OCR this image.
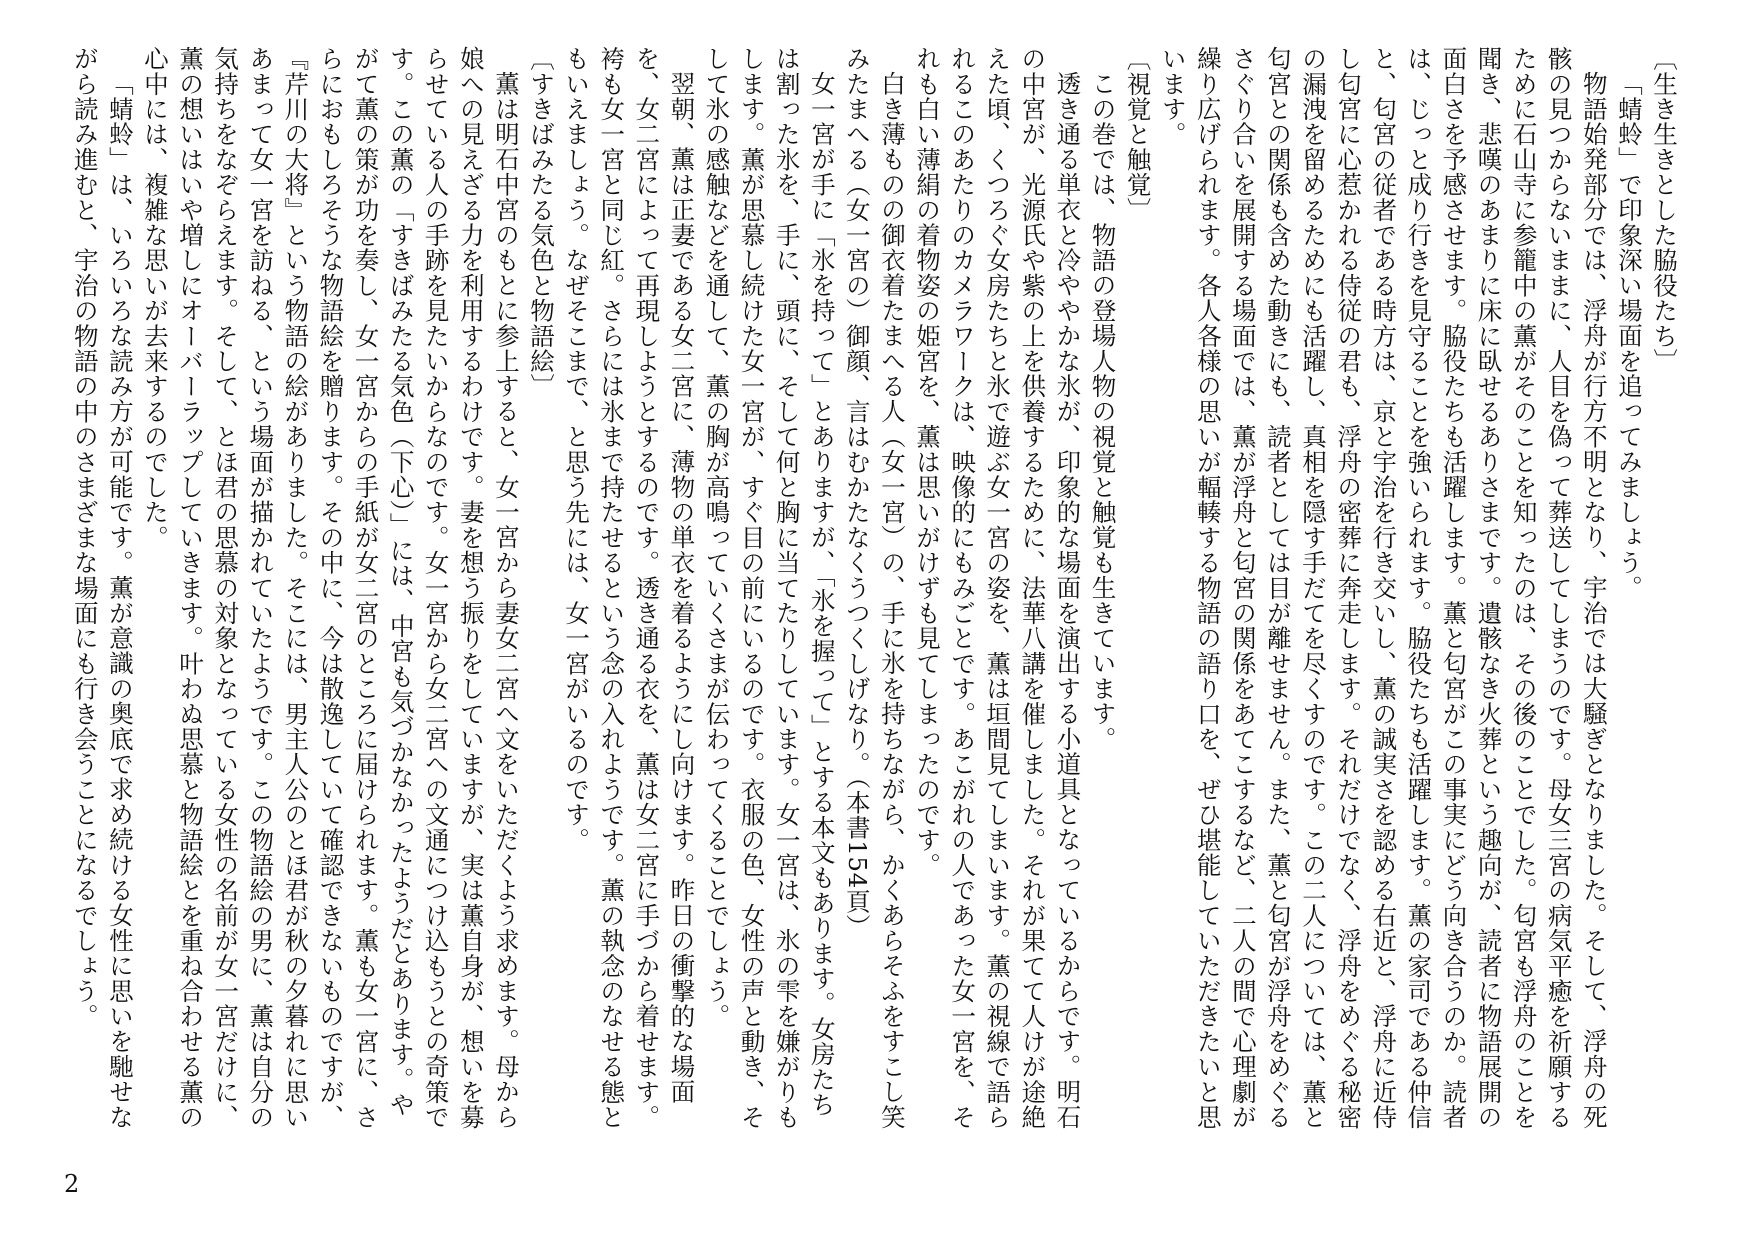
〔生き生きとした脇役たち〕
「蜻蛉」で印象深い場面を追ってみましょう。
物語始発部分では、浮舟が行方不明となり、宇治では大騒ぎとなりました。そして、浮舟の死骸の見つからないままに、人目を偽って葬送してしまうのです。母女三宮の病気平癒を祈願するために石山寺に参籠中の薫がそのことを知ったのは、その後のことでした。匂宮も浮舟のことを聞き、悲嘆のあまりに床に臥せるありさまです。遺骸なき火葬という趣向が、読者に物語展開の面白さを予感させます。脇役たちも活躍します。薫と匂宮がこの事実にどう向き合うのか。読者は、じっと成り行きを見守ることを強いられます。脇役たちも活躍します。薫の家司である仲信と、匂宮の従者である時方は、京と宇治を行き交いし、薫の誠実さを認める右近と、浮舟に近侍し匂宮に心惹かれる侍従の君も、浮舟の密葬に奔走します。それだけでなく、浮舟をめぐる秘密の漏洩を留めるためにも活躍し、真相を隠す手だてを尽くすのです。この二人については、薫と匂宮との関係も含めた動きにも、読者としては目が離せません。また、薫と匂宮が浮舟をめぐるさぐり合いを展開する場面では、薫が浮舟と匂宮の関係をあてこするなど、二人の間で心理劇が繰り広げられます。各人各様の思いが輻輳する物語の語り口を、ぜひ堪能していただきたいと思います。
〔視覚と触覚〕
この巻では、物語の登場人物の視覚と触覚も生きています。
透き通る単衣と冷ややかな氷が、印象的な場面を演出する小道具となっているからです。明石の中宮が、光源氏や紫の上を供養するために、法華八講を催しました。それが果てて人けが途絶えた頃、くつろぐ女房たちと氷で遊ぶ女一宮の姿を、薫は垣間見てしまいます。薫の視線で語られるこのあたりのカメラワークは、映像的にもみごとです。あこがれの人であった女一宮を、それも白い薄絹の着物姿の姫宮を、薫は思いがけずも見てしまったのです。
白き薄ものの御衣着たまへる人（女一宮）の、手に氷を持ちながら、かくあらそふをすこし笑みたまへる（女一宮の）御顔、言はむかたなくうつくしげなり。（本書154頁）
女一宮が手に「氷を持って」とありますが、「氷を握って」とする本文もあります。女房たちは割った氷を、手に、頭に、そして何と胸に当てたりしています。女一宮は、氷の雫を嫌がりもします。薫が思慕し続けた女一宮が、すぐ目の前にいるのです。衣服の色、女性の声と動き、そして氷の感触などを通して、薫の胸が高鳴っていくさまが伝わってくることでしょう。
翌朝、薫は正妻である女二宮に、薄物の単衣を着るようにし向けます。昨日の衝撃的な場面を、女二宮によって再現しようとするのです。透き通る衣を、薫は女二宮に手づから着せます。袴も女一宮と同じ紅。さらには氷まで持たせるという念の入れようです。薫の執念のなせる態ともいえましょう。なぜそこまで、と思う先には、女一宮がいるのです。
〔すきばみたる気色と物語絵〕
薫は明石中宮のもとに参上すると、女一宮から妻女二宮へ文をいただくよう求めます。母から娘への見えざる力を利用するわけです。妻を想う振りをしていますが、実は薫自身が、想いを募らせている人の手跡を見たいからなのです。女一宮から女二宮への文通につけ込もうとの奇策です。この薫の「すきばみたる気色（下心）」には、中宮も気づかなかったようだとあります。やがて薫の策が功を奏し、女一宮からの手紙が女二宮のところに届けられます。薫も女一宮に、さらにおもしろそうな物語絵を贈ります。その中に、今は散逸していて確認できないものですが、『芹川の大将』という物語の絵がありました。そこには、男主人公のとほ君が秋の夕暮れに思いあまって女一宮を訪ねる、という場面が描かれていたようです。この物語絵の男に、薫は自分の気持ちをなぞらえます。そして、とほ君の思慕の対象となっている女性の名前が女一宮だけに、薫の想いはいや増しにオーバーラップしていきます。叶わぬ思慕と物語絵とを重ね合わせる薫の心中には、複雑な思いが去来するのでした。
「蜻蛉」は、いろいろな読み方が可能です。薫が意識の奥底で求め続ける女性に思いを馳せながら読み進むと、宇治の物語の中のさまざまな場面にも行き会うことになるでしょう。
2
